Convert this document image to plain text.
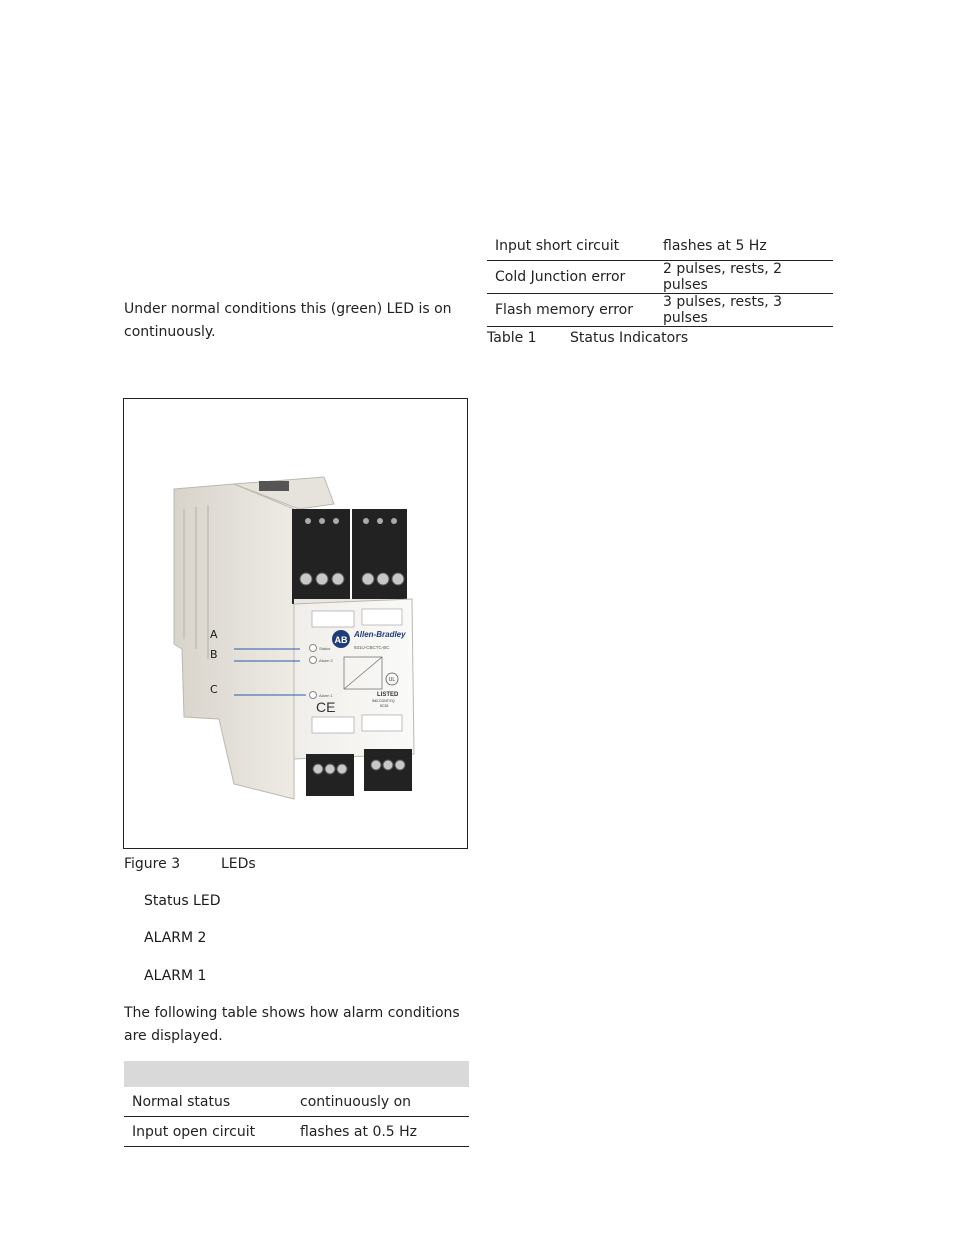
Input short circuit	flashes at 5 Hz
Cold Junction error	2 pulses, rests, 2 pulses
Flash memory error	3 pulses, rests, 3 pulses
Table 1 Status Indicators
Under normal conditions this (green) LED is on continuously.
AB
Allen-Bradley
931U-CBCTC-BC
Status
Alarm 2
Alarm 1
UL
LISTED
IND.CONT.EQ
5C33
CE
A
B
C
Figure 3	LEDs
Status LED
ALARM 2
ALARM 1
The following table shows how alarm conditions are displayed.
Normal status	continuously on
Input open circuit	flashes at 0.5 Hz
